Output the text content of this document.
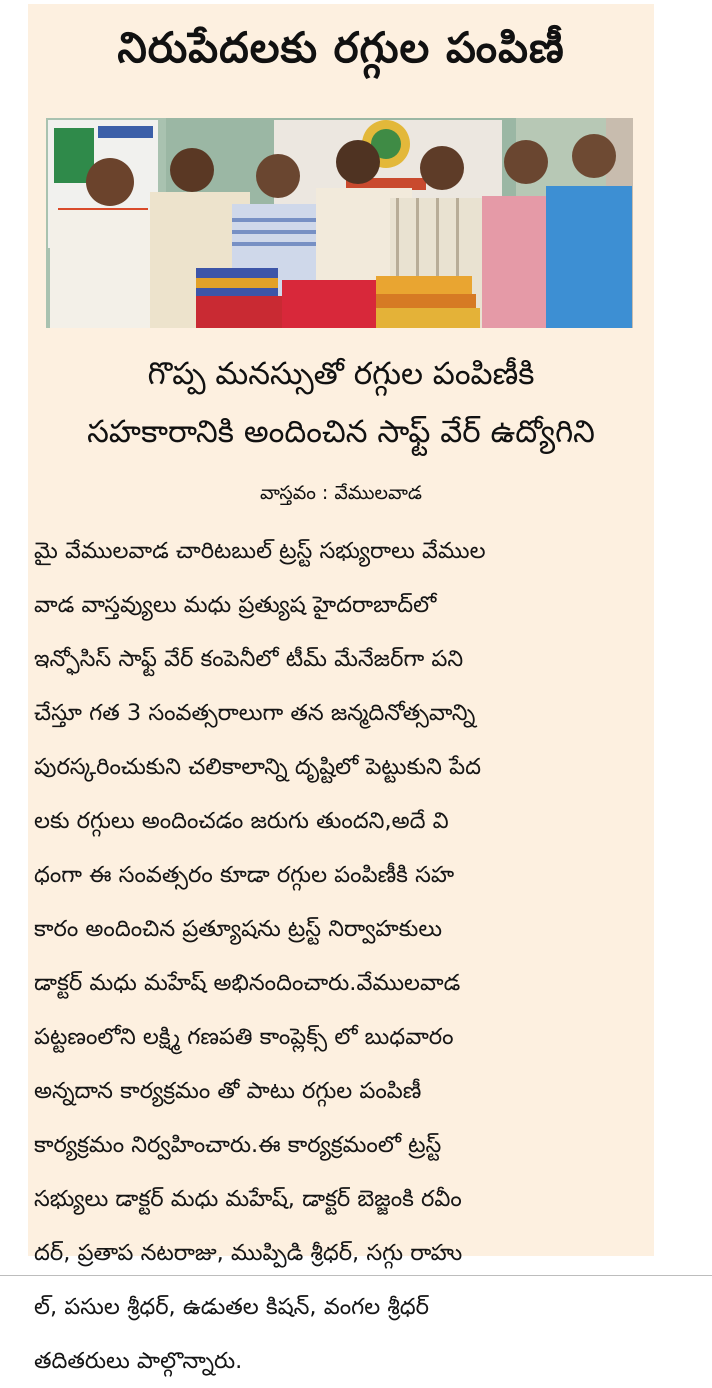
నిరుపేదలకు రగ్గుల పంపిణీ
గొప్ప మనస్సుతో రగ్గుల పంపిణీకి
సహకారానికి అందించిన సాఫ్ట్ వేర్ ఉద్యోగిని
వాస్తవం : వేములవాడ
మై వేములవాడ చారిటబుల్ ట్రస్ట్ సభ్యురాలు వేముల
వాడ వాస్తవ్యులు మధు ప్రత్యుష హైదరాబాద్‌లో
ఇన్ఫోసిస్ సాఫ్ట్ వేర్ కంపెనీలో టీమ్ మేనేజర్‌గా పని
చేస్తూ గత 3 సంవత్సరాలుగా తన జన్మదినోత్సవాన్ని
పురస్కరించుకుని చలికాలాన్ని దృష్టిలో పెట్టుకుని పేద
లకు రగ్గులు అందించడం జరుగు తుందని,అదే వి
ధంగా ఈ సంవత్సరం కూడా రగ్గుల పంపిణీకి సహ
కారం అందించిన ప్రత్యూషను ట్రస్ట్ నిర్వాహకులు
డాక్టర్ మధు మహేష్ అభినందించారు.వేములవాడ
పట్టణంలోని లక్ష్మి గణపతి కాంప్లెక్స్ లో బుధవారం
అన్నదాన కార్యక్రమం తో పాటు రగ్గుల పంపిణీ
కార్యక్రమం నిర్వహించారు.ఈ కార్యక్రమంలో ట్రస్ట్
సభ్యులు డాక్టర్ మధు మహేష్, డాక్టర్ బెజ్జంకి రవీం
దర్, ప్రతాప నటరాజు, ముప్పిడి శ్రీధర్, సగ్గు రాహు
ల్, పసుల శ్రీధర్, ఉడుతల కిషన్, వంగల శ్రీధర్
తదితరులు పాల్గొన్నారు.
